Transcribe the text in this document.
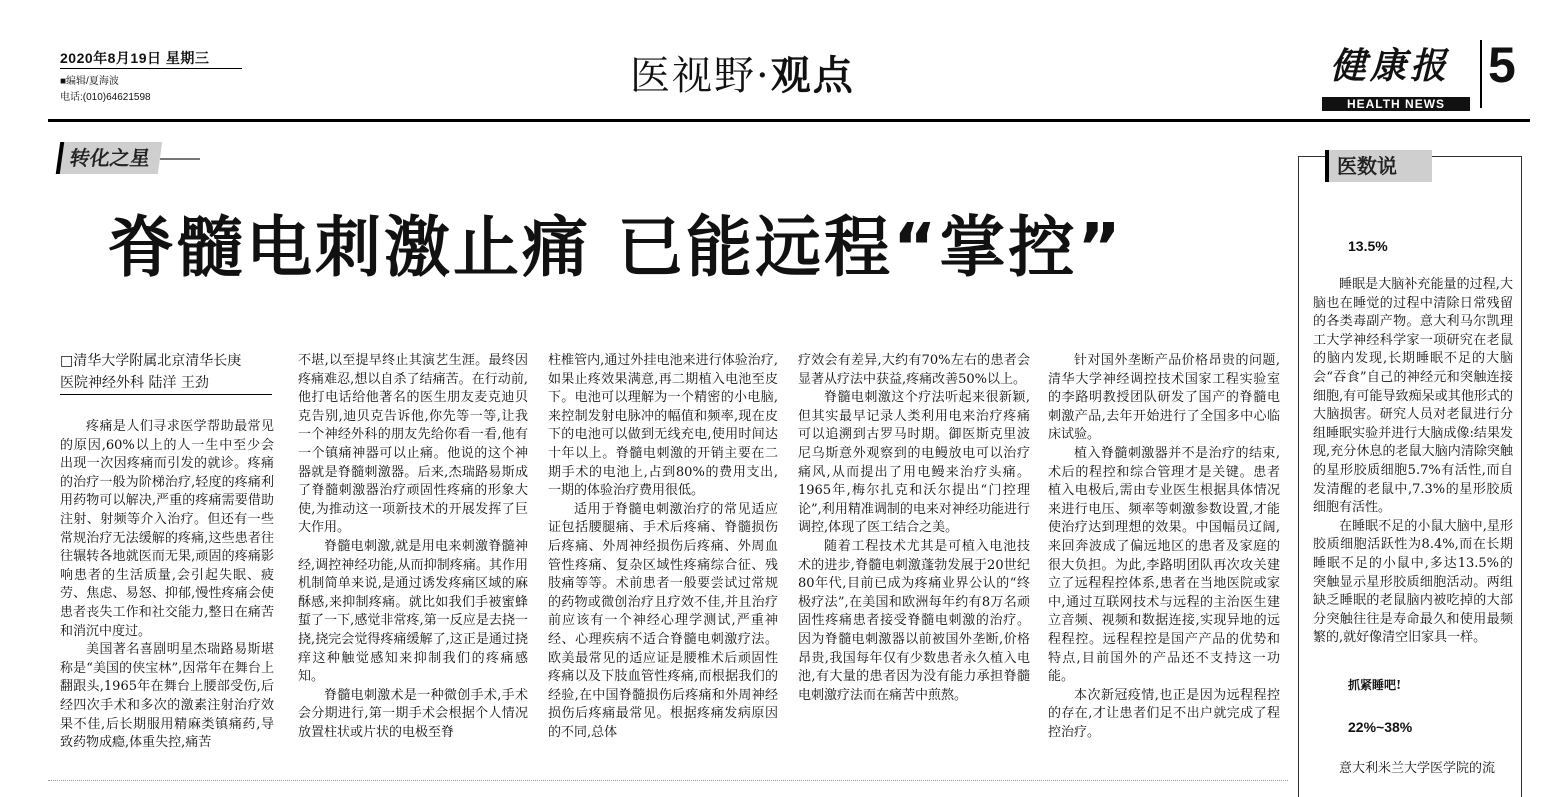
2020年8月19日 星期三
■编辑/夏海波
电话:(010)64621598	医视野·观点	健康报
HEALTH NEWS
5
转化之星
脊髓电刺激止痛 已能远程“掌控”
□清华大学附属北京清华长庚
医院神经外科 陆洋 王劲

疼痛是人们寻求医学帮助最常见的原因,60%以上的人一生中至少会出现一次因疼痛而引发的就诊。疼痛的治疗一般为阶梯治疗,轻度的疼痛利用药物可以解决,严重的疼痛需要借助注射、射频等介入治疗。但还有一些常规治疗无法缓解的疼痛,这些患者往往辗转各地就医而无果,顽固的疼痛影响患者的生活质量,会引起失眠、疲劳、焦虑、易怒、抑郁,慢性疼痛会使患者丧失工作和社交能力,整日在痛苦和消沉中度过。

美国著名喜剧明星杰瑞路易斯堪称是“美国的侠宝林”,因常年在舞台上翻跟头,1965年在舞台上腰部受伤,后经四次手术和多次的激素注射治疗效果不佳,后长期服用精麻类镇痛药,导致药物成瘾,体重失控,痛苦

不堪,以至提早终止其演艺生涯。最终因疼痛难忍,想以自杀了结痛苦。在行动前,他打电话给他著名的医生朋友麦克迪贝克告别,迪贝克告诉他,你先等一等,让我一个神经外科的朋友先给你看一看,他有一个镇痛神器可以止痛。他说的这个神器就是脊髓刺激器。后来,杰瑞路易斯成了脊髓刺激器治疗顽固性疼痛的形象大使,为推动这一项新技术的开展发挥了巨大作用。

脊髓电刺激,就是用电来刺激脊髓神经,调控神经功能,从而抑制疼痛。其作用机制简单来说,是通过诱发疼痛区域的麻酥感,来抑制疼痛。就比如我们手被蜜蜂蜇了一下,感觉非常疼,第一反应是去挠一挠,挠完会觉得疼痛缓解了,这正是通过挠痒这种触觉感知来抑制我们的疼痛感知。

脊髓电刺激术是一种微创手术,手术会分期进行,第一期手术会根据个人情况放置柱状或片状的电极至脊

柱椎管内,通过外挂电池来进行体验治疗,如果止疼效果满意,再二期植入电池至皮下。电池可以理解为一个精密的小电脑,来控制发射电脉冲的幅值和频率,现在皮下的电池可以做到无线充电,使用时间达十年以上。脊髓电刺激的开销主要在二期手术的电池上,占到80%的费用支出,一期的体验治疗费用很低。

适用于脊髓电刺激治疗的常见适应证包括腰腿痛、手术后疼痛、脊髓损伤后疼痛、外周神经损伤后疼痛、外周血管性疼痛、复杂区域性疼痛综合征、残肢痛等等。术前患者一般要尝试过常规的药物或微创治疗且疗效不佳,并且治疗前应该有一个神经心理学测试,严重神经、心理疾病不适合脊髓电刺激疗法。欧美最常见的适应证是腰椎术后顽固性疼痛以及下肢血管性疼痛,而根据我们的经验,在中国脊髓损伤后疼痛和外周神经损伤后疼痛最常见。根据疼痛发病原因的不同,总体

疗效会有差异,大约有70%左右的患者会显著从疗法中获益,疼痛改善50%以上。

脊髓电刺激这个疗法听起来很新颖,但其实最早记录人类利用电来治疗疼痛可以追溯到古罗马时期。御医斯克里波尼乌斯意外观察到的电鳗放电可以治疗痛风,从而提出了用电鳗来治疗头痛。1965年,梅尔扎克和沃尔提出“门控理论”,利用精准调制的电来对神经功能进行调控,体现了医工结合之美。

随着工程技术尤其是可植入电池技术的进步,脊髓电刺激蓬勃发展于20世纪80年代,目前已成为疼痛业界公认的“终极疗法”,在美国和欧洲每年约有8万名顽固性疼痛患者接受脊髓电刺激的治疗。因为脊髓电刺激器以前被国外垄断,价格昂贵,我国每年仅有少数患者永久植入电池,有大量的患者因为没有能力承担脊髓电刺激疗法而在痛苦中煎熬。

针对国外垄断产品价格昂贵的问题,清华大学神经调控技术国家工程实验室的李路明教授团队研发了国产的脊髓电刺激产品,去年开始进行了全国多中心临床试验。

植入脊髓刺激器并不是治疗的结束,术后的程控和综合管理才是关键。患者植入电极后,需由专业医生根据具体情况来进行电压、频率等刺激参数设置,才能使治疗达到理想的效果。中国幅员辽阔,来回奔波成了偏远地区的患者及家庭的很大负担。为此,李路明团队再次攻关建立了远程程控体系,患者在当地医院或家中,通过互联网技术与远程的主治医生建立音频、视频和数据连接,实现异地的远程程控。远程程控是国产产品的优势和特点,目前国外的产品还不支持这一功能。

本次新冠疫情,也正是因为远程程控的存在,才让患者们足不出户就完成了程控治疗。

医数说
13.5%

睡眠是大脑补充能量的过程,大脑也在睡觉的过程中清除日常残留的各类毒副产物。意大利马尔凯理工大学神经科学家一项研究在老鼠的脑内发现,长期睡眠不足的大脑会“吞食”自己的神经元和突触连接细胞,有可能导致痴呆或其他形式的大脑损害。研究人员对老鼠进行分组睡眠实验并进行大脑成像:结果发现,充分休息的老鼠大脑内清除突触的星形胶质细胞5.7%有活性,而自发清醒的老鼠中,7.3%的星形胶质细胞有活性。

在睡眠不足的小鼠大脑中,星形胶质细胞活跃性为8.4%,而在长期睡眠不足的小鼠中,多达13.5%的突触显示星形胶质细胞活动。两组缺乏睡眠的老鼠脑内被吃掉的大部分突触往往是寿命最久和使用最频繁的,就好像清空旧家具一样。

抓紧睡吧!
22%~38%

意大利米兰大学医学院的流
